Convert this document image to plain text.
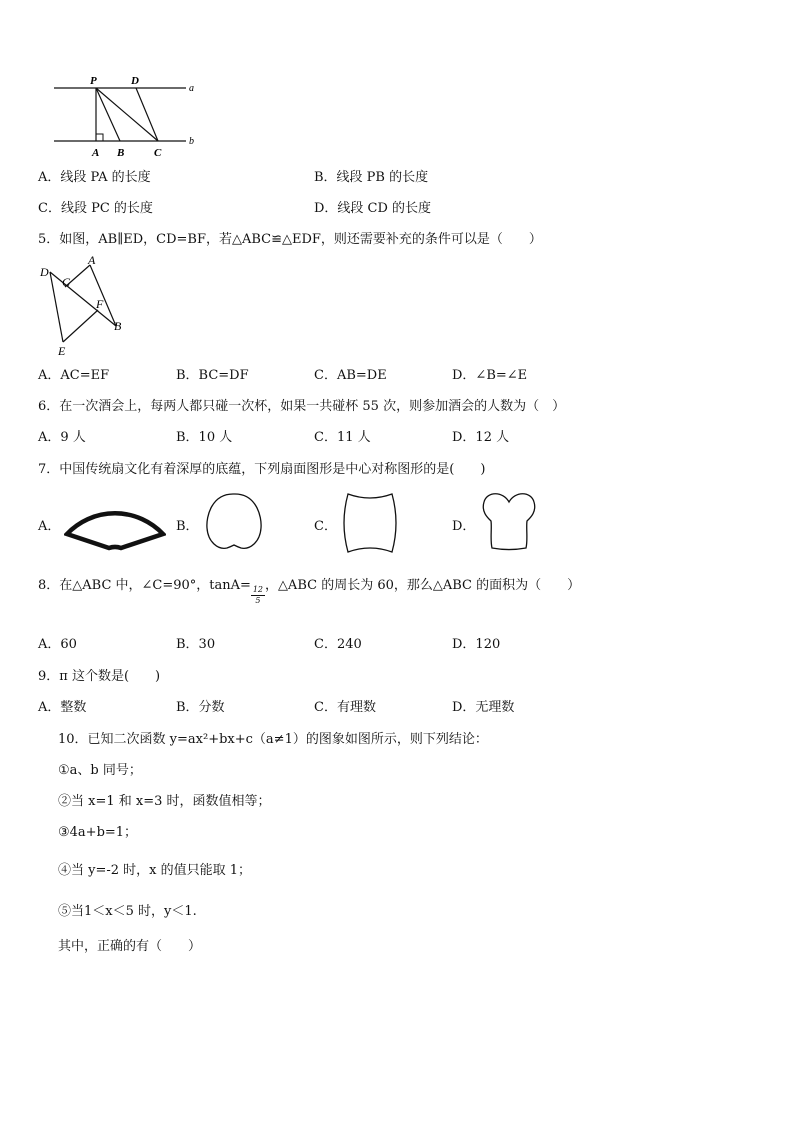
P	D
a
A B	C
b
A．线段 PA 的长度	B．线段 PB 的长度
C．线段 PC 的长度	D．线段 CD 的长度
5．如图，AB∥ED，CD=BF，若△ABC≌△EDF，则还需要补充的条件可以是（　　）
D
A
C
F
B
E
A．AC=EF	B．BC=DF	C．AB=DE	D．∠B=∠E
6．在一次酒会上，每两人都只碰一次杯，如果一共碰杯 55 次，则参加酒会的人数为（　）
A．9 人	B．10 人	C．11 人	D．12 人
7．中国传统扇文化有着深厚的底蕴，下列扇面图形是中心对称图形的是(　　)
A．	B．	C．	D．
8．在△ABC 中，∠C=90°，$\tan A= \frac{12}{5}$ ，△ABC 的周长为 60，那么△ABC 的面积为（　　）
A．60	B．30	C．240	D．120
9．π 这个数是(　　)
A．整数	B．分数	C．有理数	D．无理数
10．已知二次函数 y=ax²+bx+c（a≠1）的图象如图所示，则下列结论：
①a、b 同号；
②当 x=1 和 x=3 时，函数值相等；
③4a+b=1；
④当 y=-2 时，x 的值只能取 1；
⑤当1＜x＜5 时，y＜1.
其中，正确的有（　　）
